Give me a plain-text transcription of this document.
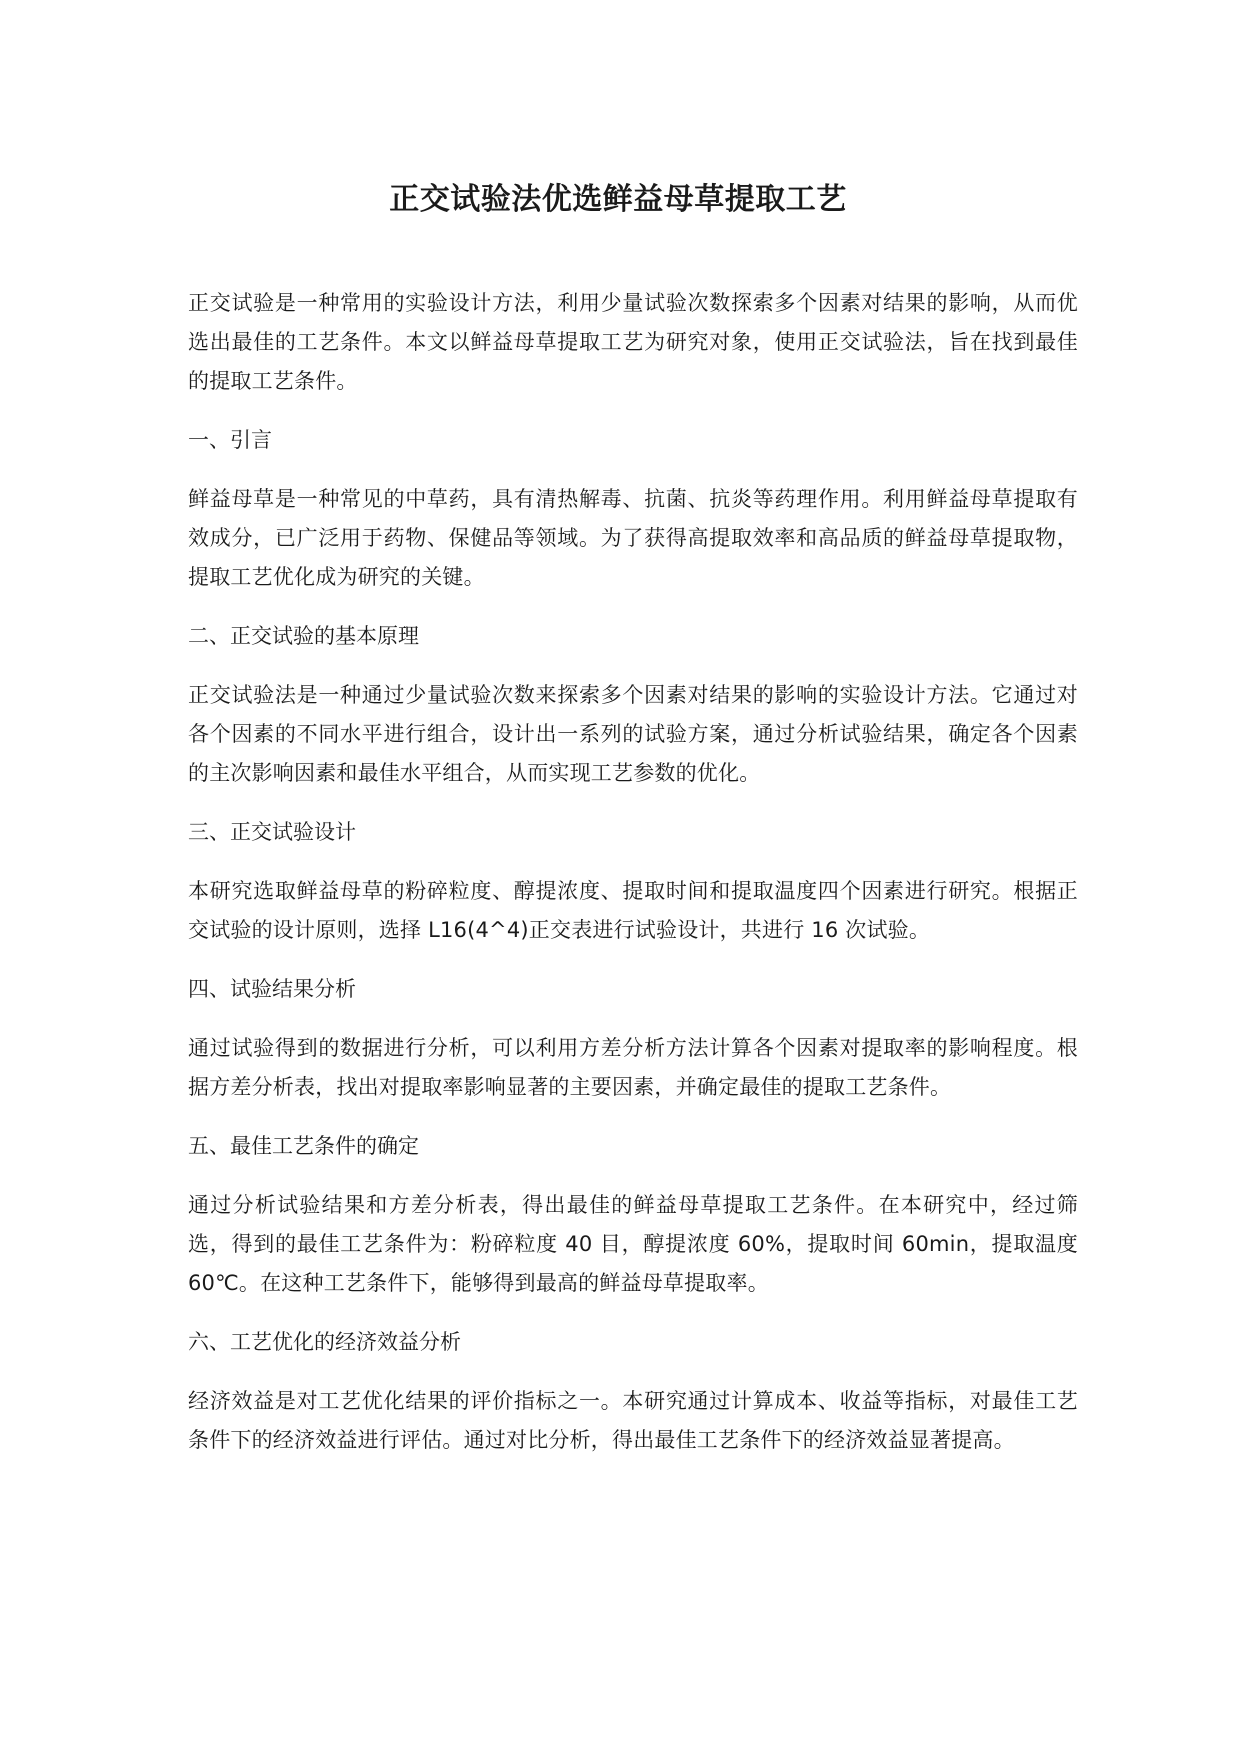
正交试验法优选鲜益母草提取工艺

正交试验是一种常用的实验设计方法，利用少量试验次数探索多个因素对结果的影响，从而优选出最佳的工艺条件。本文以鲜益母草提取工艺为研究对象，使用正交试验法，旨在找到最佳的提取工艺条件。

一、引言

鲜益母草是一种常见的中草药，具有清热解毒、抗菌、抗炎等药理作用。利用鲜益母草提取有效成分，已广泛用于药物、保健品等领域。为了获得高提取效率和高品质的鲜益母草提取物，提取工艺优化成为研究的关键。

二、正交试验的基本原理

正交试验法是一种通过少量试验次数来探索多个因素对结果的影响的实验设计方法。它通过对各个因素的不同水平进行组合，设计出一系列的试验方案，通过分析试验结果，确定各个因素的主次影响因素和最佳水平组合，从而实现工艺参数的优化。

三、正交试验设计

本研究选取鲜益母草的粉碎粒度、醇提浓度、提取时间和提取温度四个因素进行研究。根据正交试验的设计原则，选择 L16(4^4)正交表进行试验设计，共进行 16 次试验。

四、试验结果分析

通过试验得到的数据进行分析，可以利用方差分析方法计算各个因素对提取率的影响程度。根据方差分析表，找出对提取率影响显著的主要因素，并确定最佳的提取工艺条件。

五、最佳工艺条件的确定

通过分析试验结果和方差分析表，得出最佳的鲜益母草提取工艺条件。在本研究中，经过筛选，得到的最佳工艺条件为：粉碎粒度 40 目，醇提浓度 60%，提取时间 60min，提取温度 60℃。在这种工艺条件下，能够得到最高的鲜益母草提取率。

六、工艺优化的经济效益分析

经济效益是对工艺优化结果的评价指标之一。本研究通过计算成本、收益等指标，对最佳工艺条件下的经济效益进行评估。通过对比分析，得出最佳工艺条件下的经济效益显著提高。
